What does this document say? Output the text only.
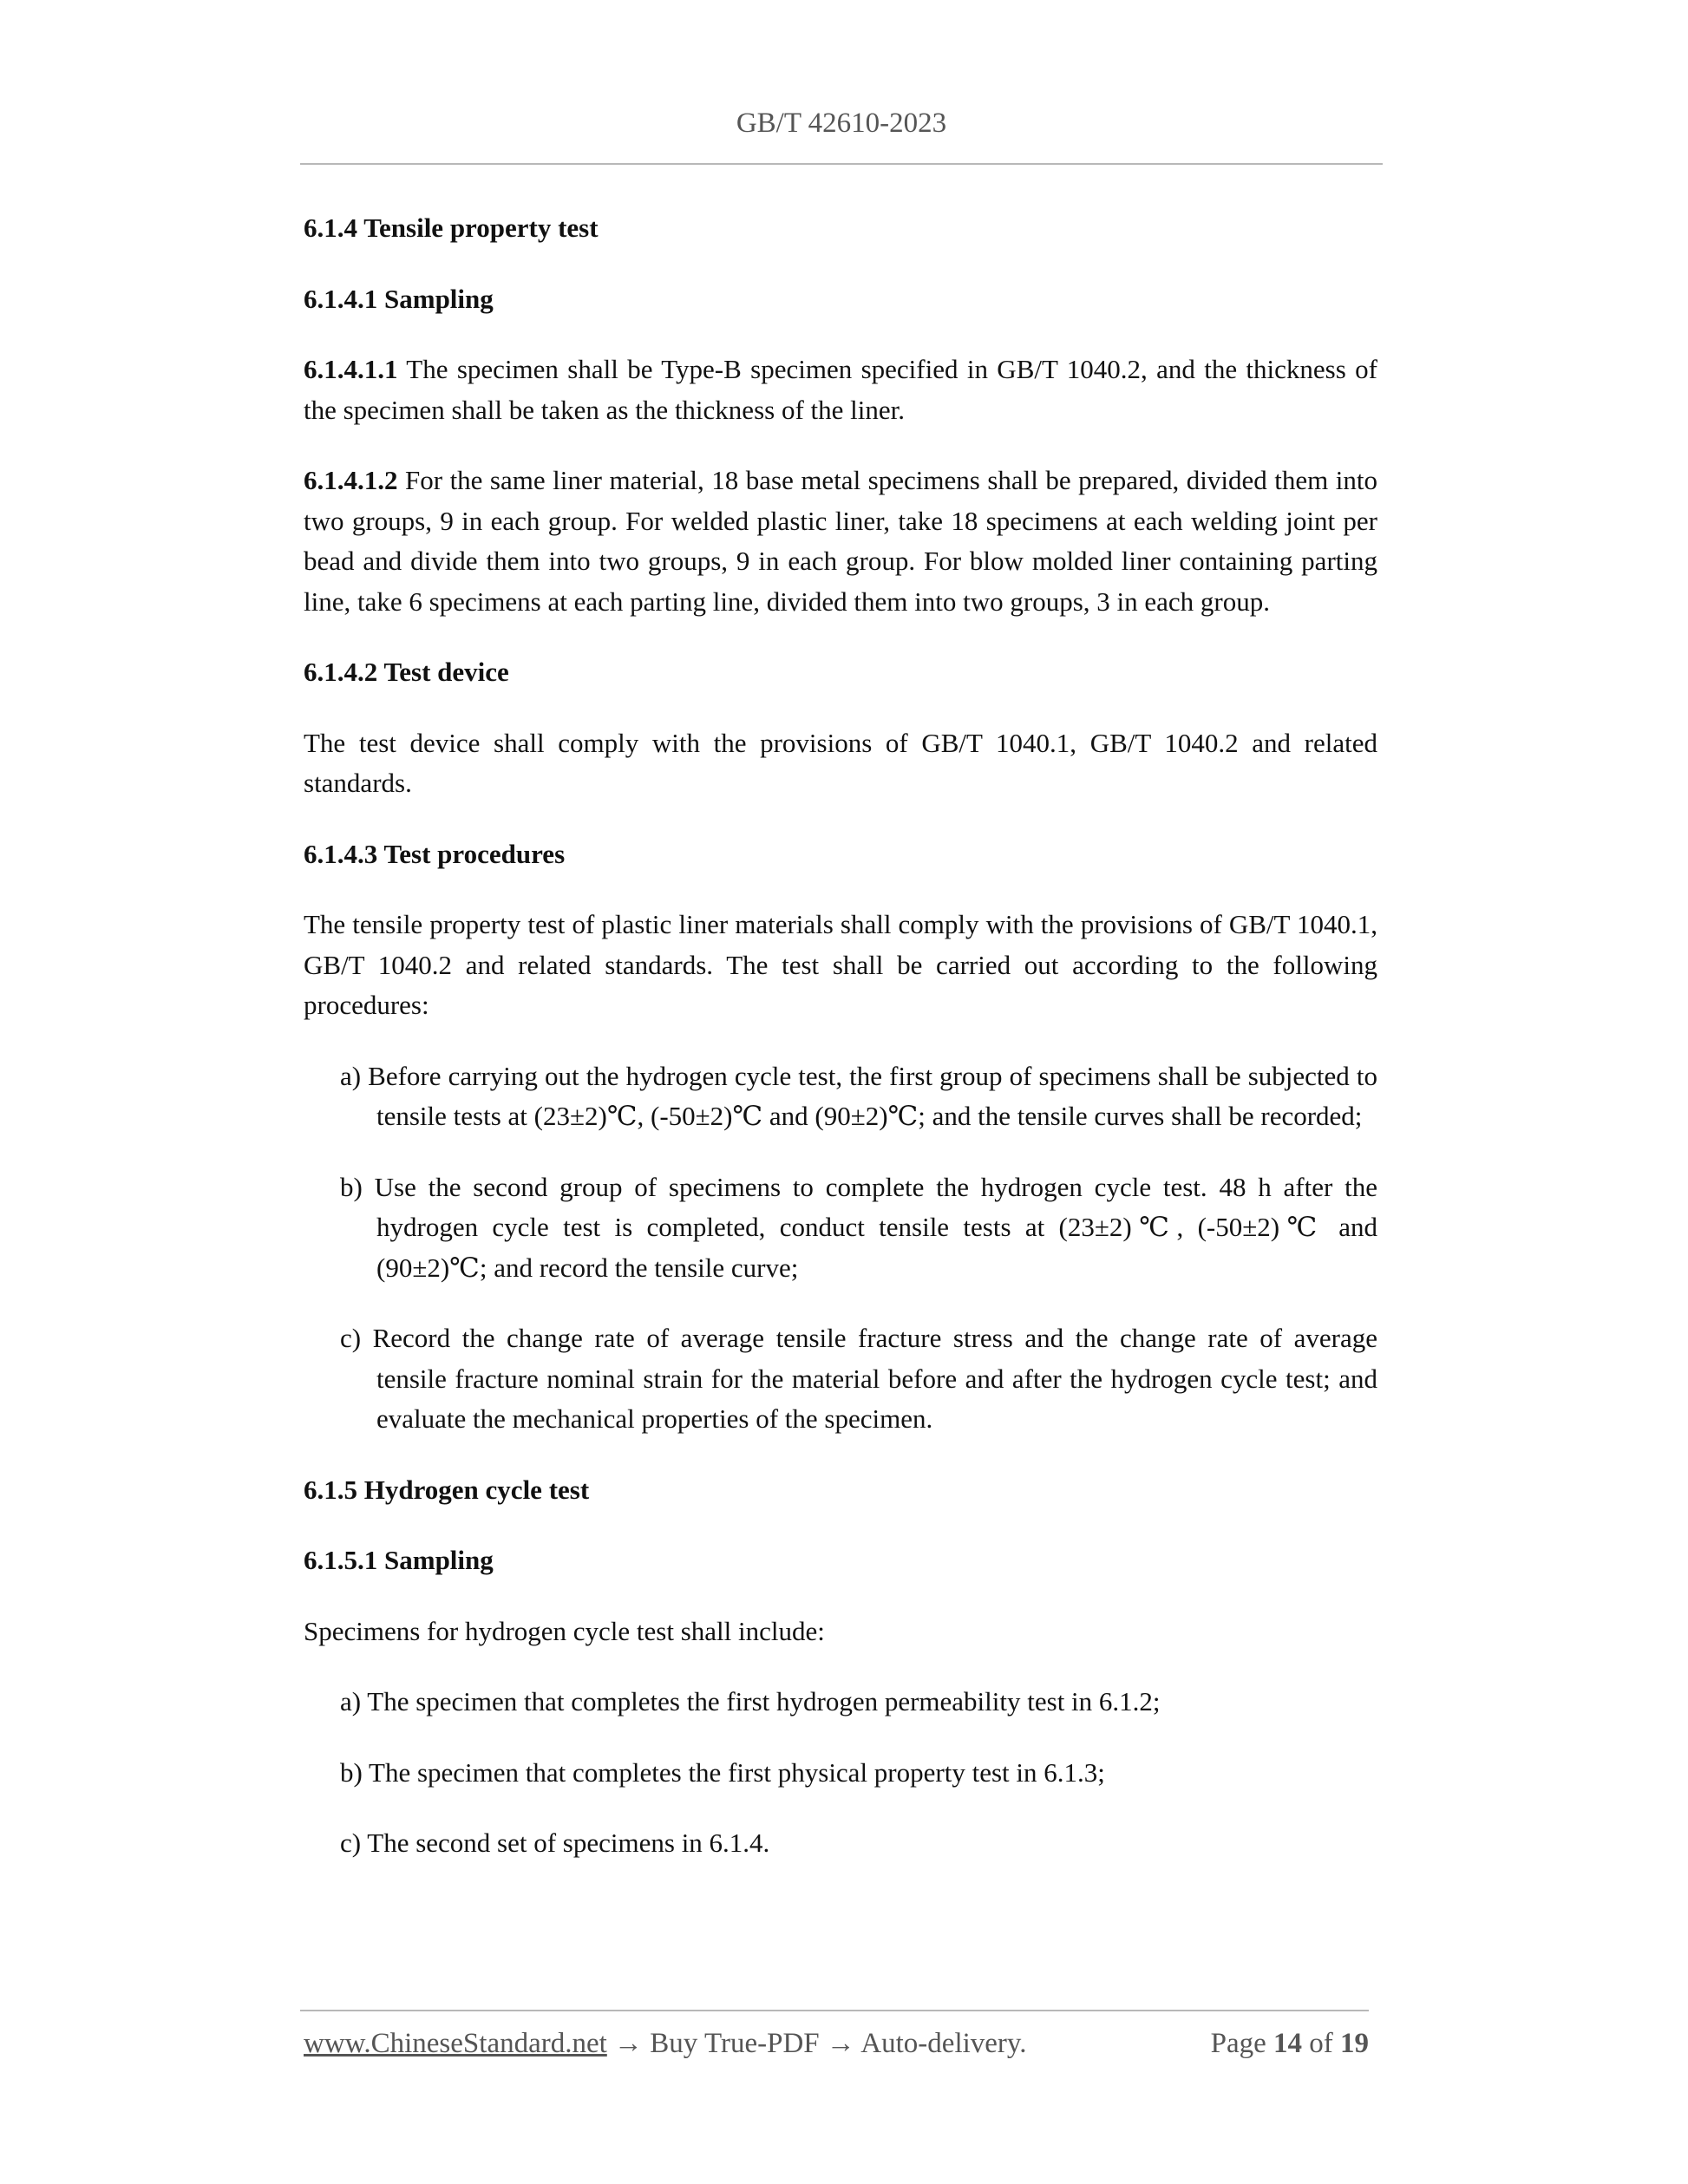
GB/T 42610-2023
6.1.4 Tensile property test
6.1.4.1 Sampling
6.1.4.1.1 The specimen shall be Type-B specimen specified in GB/T 1040.2, and the thickness of the specimen shall be taken as the thickness of the liner.
6.1.4.1.2 For the same liner material, 18 base metal specimens shall be prepared, divided them into two groups, 9 in each group. For welded plastic liner, take 18 specimens at each welding joint per bead and divide them into two groups, 9 in each group. For blow molded liner containing parting line, take 6 specimens at each parting line, divided them into two groups, 3 in each group.
6.1.4.2 Test device
The test device shall comply with the provisions of GB/T 1040.1, GB/T 1040.2 and related standards.
6.1.4.3 Test procedures
The tensile property test of plastic liner materials shall comply with the provisions of GB/T 1040.1, GB/T 1040.2 and related standards. The test shall be carried out according to the following procedures:
a) Before carrying out the hydrogen cycle test, the first group of specimens shall be subjected to tensile tests at (23±2)℃, (-50±2)℃ and (90±2)℃; and the tensile curves shall be recorded;
b) Use the second group of specimens to complete the hydrogen cycle test. 48 h after the hydrogen cycle test is completed, conduct tensile tests at (23±2)℃, (-50±2)℃ and (90±2)℃; and record the tensile curve;
c) Record the change rate of average tensile fracture stress and the change rate of average tensile fracture nominal strain for the material before and after the hydrogen cycle test; and evaluate the mechanical properties of the specimen.
6.1.5 Hydrogen cycle test
6.1.5.1 Sampling
Specimens for hydrogen cycle test shall include:
a) The specimen that completes the first hydrogen permeability test in 6.1.2;
b) The specimen that completes the first physical property test in 6.1.3;
c) The second set of specimens in 6.1.4.
www.ChineseStandard.net → Buy True-PDF → Auto-delivery.	Page 14 of 19
